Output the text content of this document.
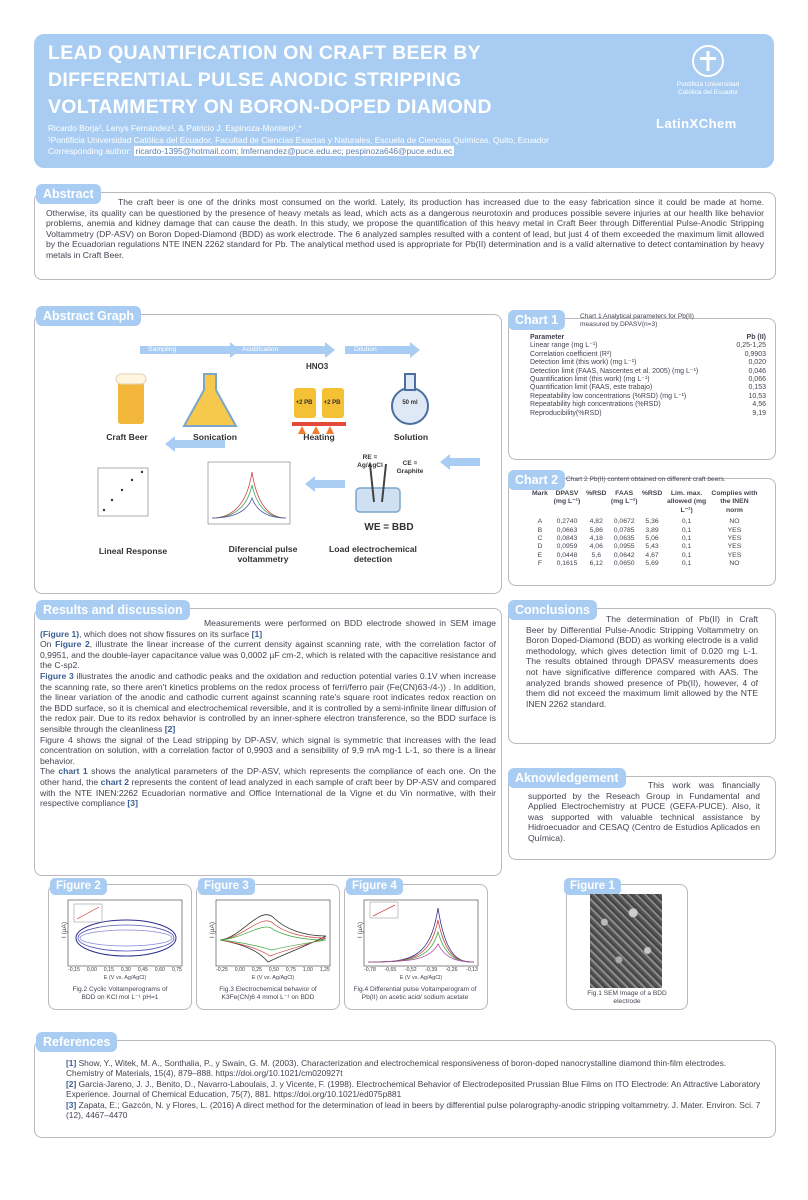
LEAD QUANTIFICATION ON CRAFT BEER BY
DIFFERENTIAL PULSE ANODIC STRIPPING
VOLTAMMETRY ON BORON-DOPED DIAMOND
Ricardo Borja¹, Lenys Fernández¹, & Patricio J. Espinoza-Montero¹,*
¹Pontificia Universidad Católica del Ecuador, Facultad de Ciencias Exactas y Naturales, Escuela de Ciencias Químicas, Quito, Ecuador
Corresponding author: ricardo-1395@hotmail.com; lmfernandez@puce.edu.ec; pespinoza646@puce.edu.ec
Pontificia Universidad
Católica del Ecuador
LatinXChem
Abstract
The craft beer is one of the drinks most consumed on the world. Lately, its production has increased due to the easy fabrication since it could be made at home. Otherwise, its quality can be questioned by the presence of heavy metals as lead, which acts as a dangerous neurotoxin and produces possible severe injuries at our health like behavior problems, anemia and kidney damage that can cause the death. In this study, we propose the quantification of this heavy metal in Craft Beer through Differential Pulse-Anodic Stripping Voltammetry (DP-ASV) on Boron Doped-Diamond (BDD) as work electrode. The 6 analyzed samples resulted with a content of lead, but just 4 of them exceeded the maximum limit allowed by the Ecuadorian regulations NTE INEN 2262 standard for Pb. The analytical method used is appropriate for Pb(II) determination and is a valid alternative to detect contamination by heavy metals in Craft Beer.
Abstract Graph
Sampling	Acidification	Dilution
HNO3
+2 PB +2 PB	50 ml
Craft Beer	Sonication	Heating	Solution
Lineal Response	Diferencial pulse voltammetry
Load electrochemical detection
RE = Ag/AgCl	CE = Graphite
WE = BBD
Chart 1	Chart 1 Analytical parameters for Pb(II) measured by DPASV(n=3)
Parameter	Pb (II)
Linear range (mg L⁻¹)	0,25-1,25
Correlation coefficient (R²)	0,9903
Detection limit (this work) (mg L⁻¹)	0,020
Detection limit (FAAS, Nascentes et al. 2005) (mg L⁻¹)	0,046
Quantification limit (this work) (mg L⁻¹)	0,066
Quantification limit (FAAS, este trabajo)	0,153
Repeatability low concentrations (%RSD) (mg L⁻¹)	10,53
Repeatability high concentrations (%RSD)	4,56
Reproducibility(%RSD)	9,19
Chart 2	Chart 2 Pb(II) content obtained on different craft beers.
Mark	DPASV (mg L⁻¹)	%RSD	FAAS (mg L⁻¹)	%RSD	Lim. max. allowed (mg L⁻¹)	Complies with the INEN norm
A	0,2740	4,82	0,0672	5,36	0,1	NO
B	0,0663	5,86	0,0785	3,89	0,1	YES
C	0,0843	4,18	0,0635	5,06	0,1	YES
D	0,0959	4,06	0,0955	5,43	0,1	YES
E	0,0448	5,6	0,0642	4,67	0,1	YES
F	0,1615	6,12	0,0650	5,69	0,1	NO
Results and discussion
Measurements were performed on BDD electrode showed in SEM image (Figure 1), which does not show fissures on its surface [1]
On Figure 2, illustrate the linear increase of the current density against scanning rate, with the correlation factor of 0,9951, and the double-layer capacitance value was 0,0002 µF cm-2, which is related with the capacitive resistance and the C-sp2.
Figure 3 illustrates the anodic and cathodic peaks and the oxidation and reduction potential varies 0.1V when increase the scanning rate, so there aren't kinetics problems on the redox process of ferri/ferro pair (Fe(CN)63-/4-)) . In addition, the linear variation of the anodic and cathodic current against scanning rate's square root indicates redox reaction on the BDD surface, so it is chemical and electrochemical reversible, and it is controlled by a semi-infinite linear diffusion of the redox pair. Due to its redox behavior is controlled by an inner-sphere electron transference, so the BDD surface is sensible through the cleanliness [2]
Figure 4 shows the signal of the Lead stripping by DP-ASV, which signal is symmetric that increases with the lead concentration on solution, with a correlation factor of 0,9903 and a sensibility of 9,9 mA mg-1 L-1, so there is a linear behavior.
The chart 1 shows the analytical parameters of the DP-ASV, which represents the compliance of each one. On the other hand, the chart 2 represents the content of lead analyzed in each sample of craft beer by DP-ASV and compared with the NTE INEN:2262 Ecuadorian normative and Office International de la Vigne et du Vin normative, with their respective compliance [3]
Conclusions
The determination of Pb(II) in Craft Beer by Differential Pulse-Anodic Stripping Voltammetry on Boron Doped-Diamond (BDD) as working electrode is a valid methodology, which gives detection limit of 0.020 mg L-1. The results obtained through DPASV measurements does not have significative difference compared with AAS. The analyzed brands showed presence of Pb(II), however, 4 of them did not exceed the maximum limit allowed by the NTE INEN 2262 standard.
Aknowledgement	This work was financially supported by the Reseach Group in Fundamental and Applied Electrochemistry at PUCE (GEFA-PUCE). Also, it was supported with valuable technical assistance by Hidroecuador and CESAQ (Centro de Estudios Aplicados en Química).
Figure 2
I (µA)
-0,15 0,00 0,15 0,30 0,45 0,60 0,75
E (V vs. Ag/AgCl)
Fig.2 Cyclic Voltamperograms of BDD on KCl mol L⁻¹ pH=1
Figure 3
I (µA)
-0,25 0,00 0,25 0,50 0,75 1,00 1,25
E (V vs. Ag/AgCl)
Fig.3 Electrochemical behavior of K3Fe(CN)6 4 mmol L⁻¹ on BDD
Figure 4
I (µA)
-0,78 -0,65 -0,52 -0,39 -0,26 -0,13
E (V vs. Ag/AgCl)
Fig.4 Differential pulse Voltamperogram of Pb(II) on acetic acid/ sodium acetate
Figure 1
Fig.1 SEM Image of a BDD electrode
References
[1] Show, Y., Witek, M. A., Sonthalia, P., y Swain, G. M. (2003). Characterization and electrochemical responsiveness of boron-doped nanocrystalline diamond thin-film electrodes. Chemistry of Materials, 15(4), 879–888. https://doi.org/10.1021/cm020927t
[2] Garcia-Jareno, J. J., Benito, D., Navarro-Laboulais, J. y Vicente, F. (1998). Electrochemical Behavior of Electrodeposited Prussian Blue Films on ITO Electrode: An Attractive Laboratory Experience. Journal of Chemical Education, 75(7), 881. https://doi.org/10.1021/ed075p881
[3] Zapata, E.; Gazcón, N. y Flores, L. (2016) A direct method for the determination of lead in beers by differential pulse polarography-anodic stripping voltammetry. J. Mater. Environ. Sci. 7 (12), 4467–4470
